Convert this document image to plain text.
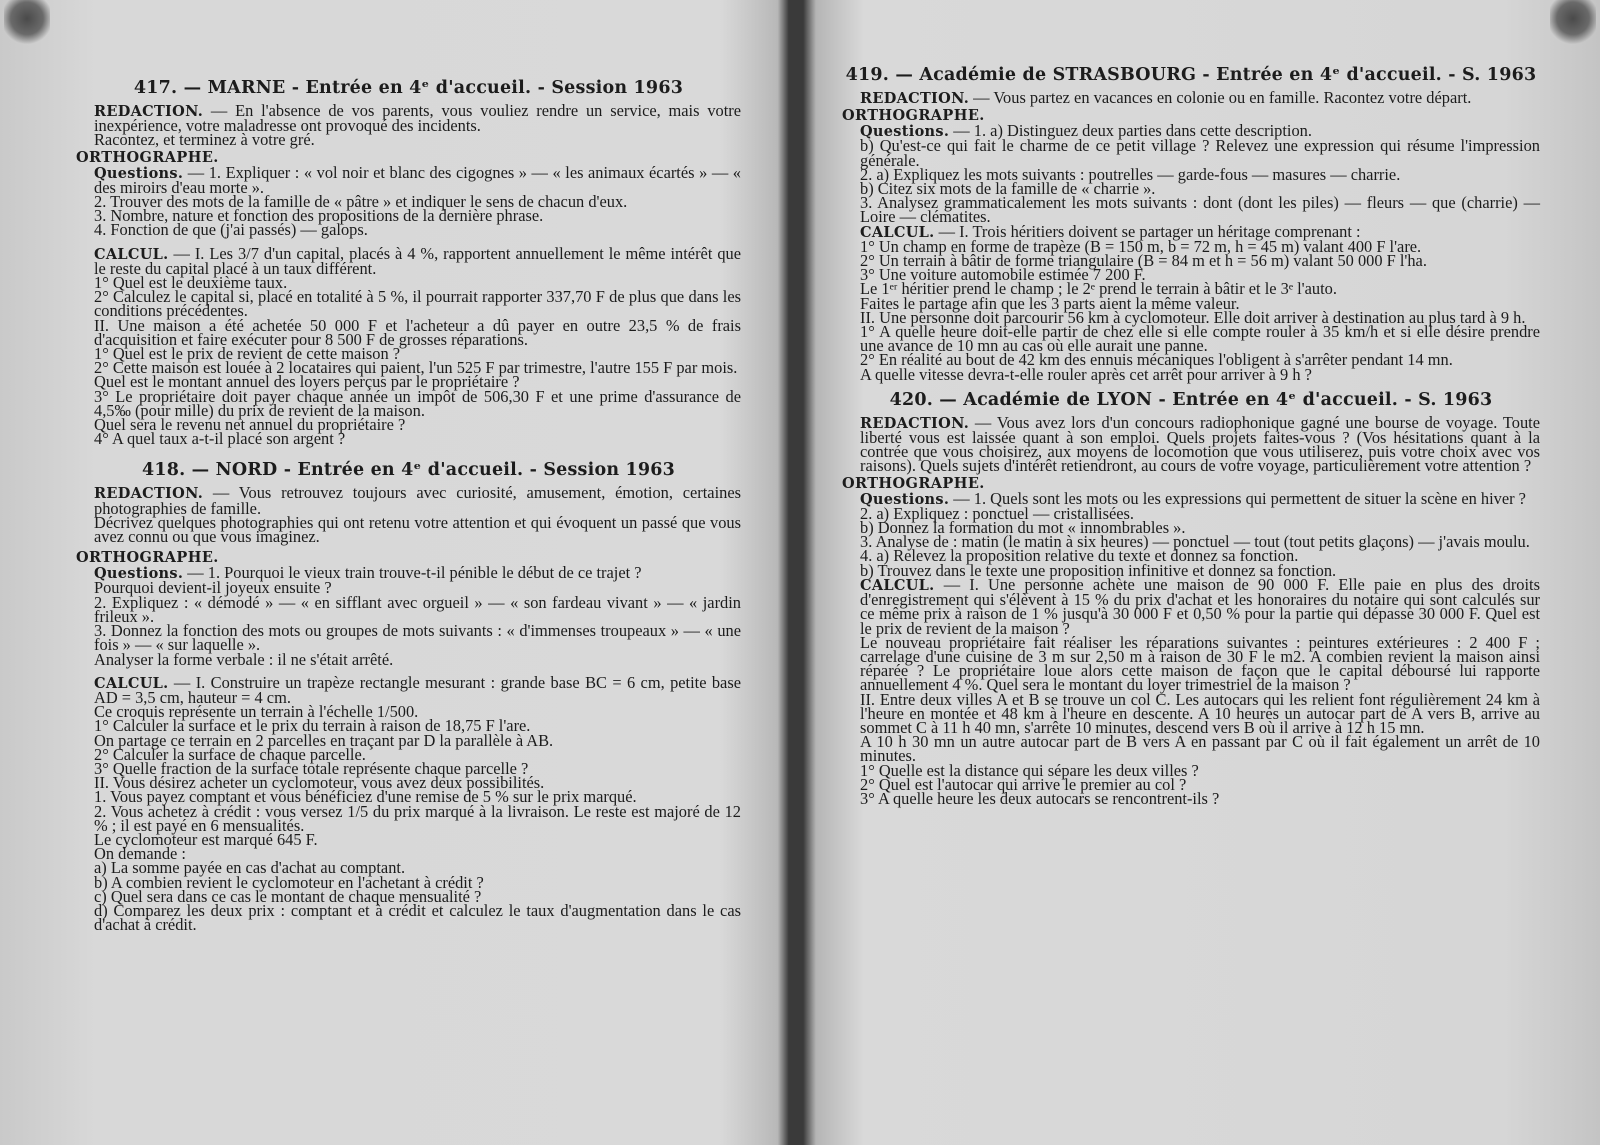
417. — MARNE - Entrée en 4ᵉ d'accueil. - Session 1963

REDACTION. — En l'absence de vos parents, vous vouliez rendre un service, mais votre inexpérience, votre maladresse ont provoqué des incidents.

Racontez, et terminez à votre gré.

ORTHOGRAPHE.

Questions. — 1. Expliquer : « vol noir et blanc des cigognes » — « les animaux écartés » — « des miroirs d'eau morte ».

2. Trouver des mots de la famille de « pâtre » et indiquer le sens de chacun d'eux.

3. Nombre, nature et fonction des propositions de la dernière phrase.

4. Fonction de que (j'ai passés) — galops.

CALCUL. — I. Les 3/7 d'un capital, placés à 4 %, rapportent annuellement le même intérêt que le reste du capital placé à un taux différent.

1° Quel est le deuxième taux.

2° Calculez le capital si, placé en totalité à 5 %, il pourrait rapporter 337,70 F de plus que dans les conditions précédentes.

II. Une maison a été achetée 50 000 F et l'acheteur a dû payer en outre 23,5 % de frais d'acquisition et faire exécuter pour 8 500 F de grosses réparations.

1° Quel est le prix de revient de cette maison ?

2° Cette maison est louée à 2 locataires qui paient, l'un 525 F par trimestre, l'autre 155 F par mois.

Quel est le montant annuel des loyers perçus par le propriétaire ?

3° Le propriétaire doit payer chaque année un impôt de 506,30 F et une prime d'assurance de 4,5‰ (pour mille) du prix de revient de la maison.

Quel sera le revenu net annuel du propriétaire ?

4° A quel taux a-t-il placé son argent ?

418. — NORD - Entrée en 4ᵉ d'accueil. - Session 1963

REDACTION. — Vous retrouvez toujours avec curiosité, amusement, émotion, certaines photographies de famille.

Décrivez quelques photographies qui ont retenu votre attention et qui évoquent un passé que vous avez connu ou que vous imaginez.

ORTHOGRAPHE.

Questions. — 1. Pourquoi le vieux train trouve-t-il pénible le début de ce trajet ?

Pourquoi devient-il joyeux ensuite ?

2. Expliquez : « démodé » — « en sifflant avec orgueil » — « son fardeau vivant » — « jardin frileux ».

3. Donnez la fonction des mots ou groupes de mots suivants : « d'immenses troupeaux » — « une fois » — « sur laquelle ».

Analyser la forme verbale : il ne s'était arrêté.

CALCUL. — I. Construire un trapèze rectangle mesurant : grande base BC = 6 cm, petite base AD = 3,5 cm, hauteur = 4 cm.

Ce croquis représente un terrain à l'échelle 1/500.

1° Calculer la surface et le prix du terrain à raison de 18,75 F l'are.

On partage ce terrain en 2 parcelles en traçant par D la parallèle à AB.

2° Calculer la surface de chaque parcelle.

3° Quelle fraction de la surface totale représente chaque parcelle ?

II. Vous désirez acheter un cyclomoteur, vous avez deux possibilités.

1. Vous payez comptant et vous bénéficiez d'une remise de 5 % sur le prix marqué.

2. Vous achetez à crédit : vous versez 1/5 du prix marqué à la livraison. Le reste est majoré de 12 % ; il est payé en 6 mensualités.

Le cyclomoteur est marqué 645 F.

On demande :

a) La somme payée en cas d'achat au comptant.

b) A combien revient le cyclomoteur en l'achetant à crédit ?

c) Quel sera dans ce cas le montant de chaque mensualité ?

d) Comparez les deux prix : comptant et à crédit et calculez le taux d'augmentation dans le cas d'achat à crédit.

419. — Académie de STRASBOURG - Entrée en 4ᵉ d'accueil. - S. 1963

REDACTION. — Vous partez en vacances en colonie ou en famille. Racontez votre départ.

ORTHOGRAPHE.

Questions. — 1. a) Distinguez deux parties dans cette description.

b) Qu'est-ce qui fait le charme de ce petit village ? Relevez une expression qui résume l'impression générale.

2. a) Expliquez les mots suivants : poutrelles — garde-fous — masures — charrie.

b) Citez six mots de la famille de « charrie ».

3. Analysez grammaticalement les mots suivants : dont (dont les piles) — fleurs — que (charrie) — Loire — clématites.

CALCUL. — I. Trois héritiers doivent se partager un héritage comprenant :

1° Un champ en forme de trapèze (B = 150 m, b = 72 m, h = 45 m) valant 400 F l'are.

2° Un terrain à bâtir de forme triangulaire (B = 84 m et h = 56 m) valant 50 000 F l'ha.

3° Une voiture automobile estimée 7 200 F.

Le 1ᵉʳ héritier prend le champ ; le 2ᵉ prend le terrain à bâtir et le 3ᵉ l'auto.

Faites le partage afin que les 3 parts aient la même valeur.

II. Une personne doit parcourir 56 km à cyclomoteur. Elle doit arriver à destination au plus tard à 9 h.

1° A quelle heure doit-elle partir de chez elle si elle compte rouler à 35 km/h et si elle désire prendre une avance de 10 mn au cas où elle aurait une panne.

2° En réalité au bout de 42 km des ennuis mécaniques l'obligent à s'arrêter pendant 14 mn.

A quelle vitesse devra-t-elle rouler après cet arrêt pour arriver à 9 h ?

420. — Académie de LYON - Entrée en 4ᵉ d'accueil. - S. 1963

REDACTION. — Vous avez lors d'un concours radiophonique gagné une bourse de voyage. Toute liberté vous est laissée quant à son emploi. Quels projets faites-vous ? (Vos hésitations quant à la contrée que vous choisirez, aux moyens de locomotion que vous utiliserez, puis votre choix avec vos raisons). Quels sujets d'intérêt retiendront, au cours de votre voyage, particulièrement votre attention ?

ORTHOGRAPHE.

Questions. — 1. Quels sont les mots ou les expressions qui permettent de situer la scène en hiver ?

2. a) Expliquez : ponctuel — cristallisées.

b) Donnez la formation du mot « innombrables ».

3. Analyse de : matin (le matin à six heures) — ponctuel — tout (tout petits glaçons) — j'avais moulu.

4. a) Relevez la proposition relative du texte et donnez sa fonction.

b) Trouvez dans le texte une proposition infinitive et donnez sa fonction.

CALCUL. — I. Une personne achète une maison de 90 000 F. Elle paie en plus des droits d'enregistrement qui s'élèvent à 15 % du prix d'achat et les honoraires du notaire qui sont calculés sur ce même prix à raison de 1 % jusqu'à 30 000 F et 0,50 % pour la partie qui dépasse 30 000 F. Quel est le prix de revient de la maison ?

Le nouveau propriétaire fait réaliser les réparations suivantes : peintures extérieures : 2 400 F ; carrelage d'une cuisine de 3 m sur 2,50 m à raison de 30 F le m2. A combien revient la maison ainsi réparée ? Le propriétaire loue alors cette maison de façon que le capital déboursé lui rapporte annuellement 4 %. Quel sera le montant du loyer trimestriel de la maison ?

II. Entre deux villes A et B se trouve un col C. Les autocars qui les relient font régulièrement 24 km à l'heure en montée et 48 km à l'heure en descente. A 10 heures un autocar part de A vers B, arrive au sommet C à 11 h 40 mn, s'arrête 10 minutes, descend vers B où il arrive à 12 h 15 mn.

A 10 h 30 mn un autre autocar part de B vers A en passant par C où il fait également un arrêt de 10 minutes.

1° Quelle est la distance qui sépare les deux villes ?

2° Quel est l'autocar qui arrive le premier au col ?

3° A quelle heure les deux autocars se rencontrent-ils ?
